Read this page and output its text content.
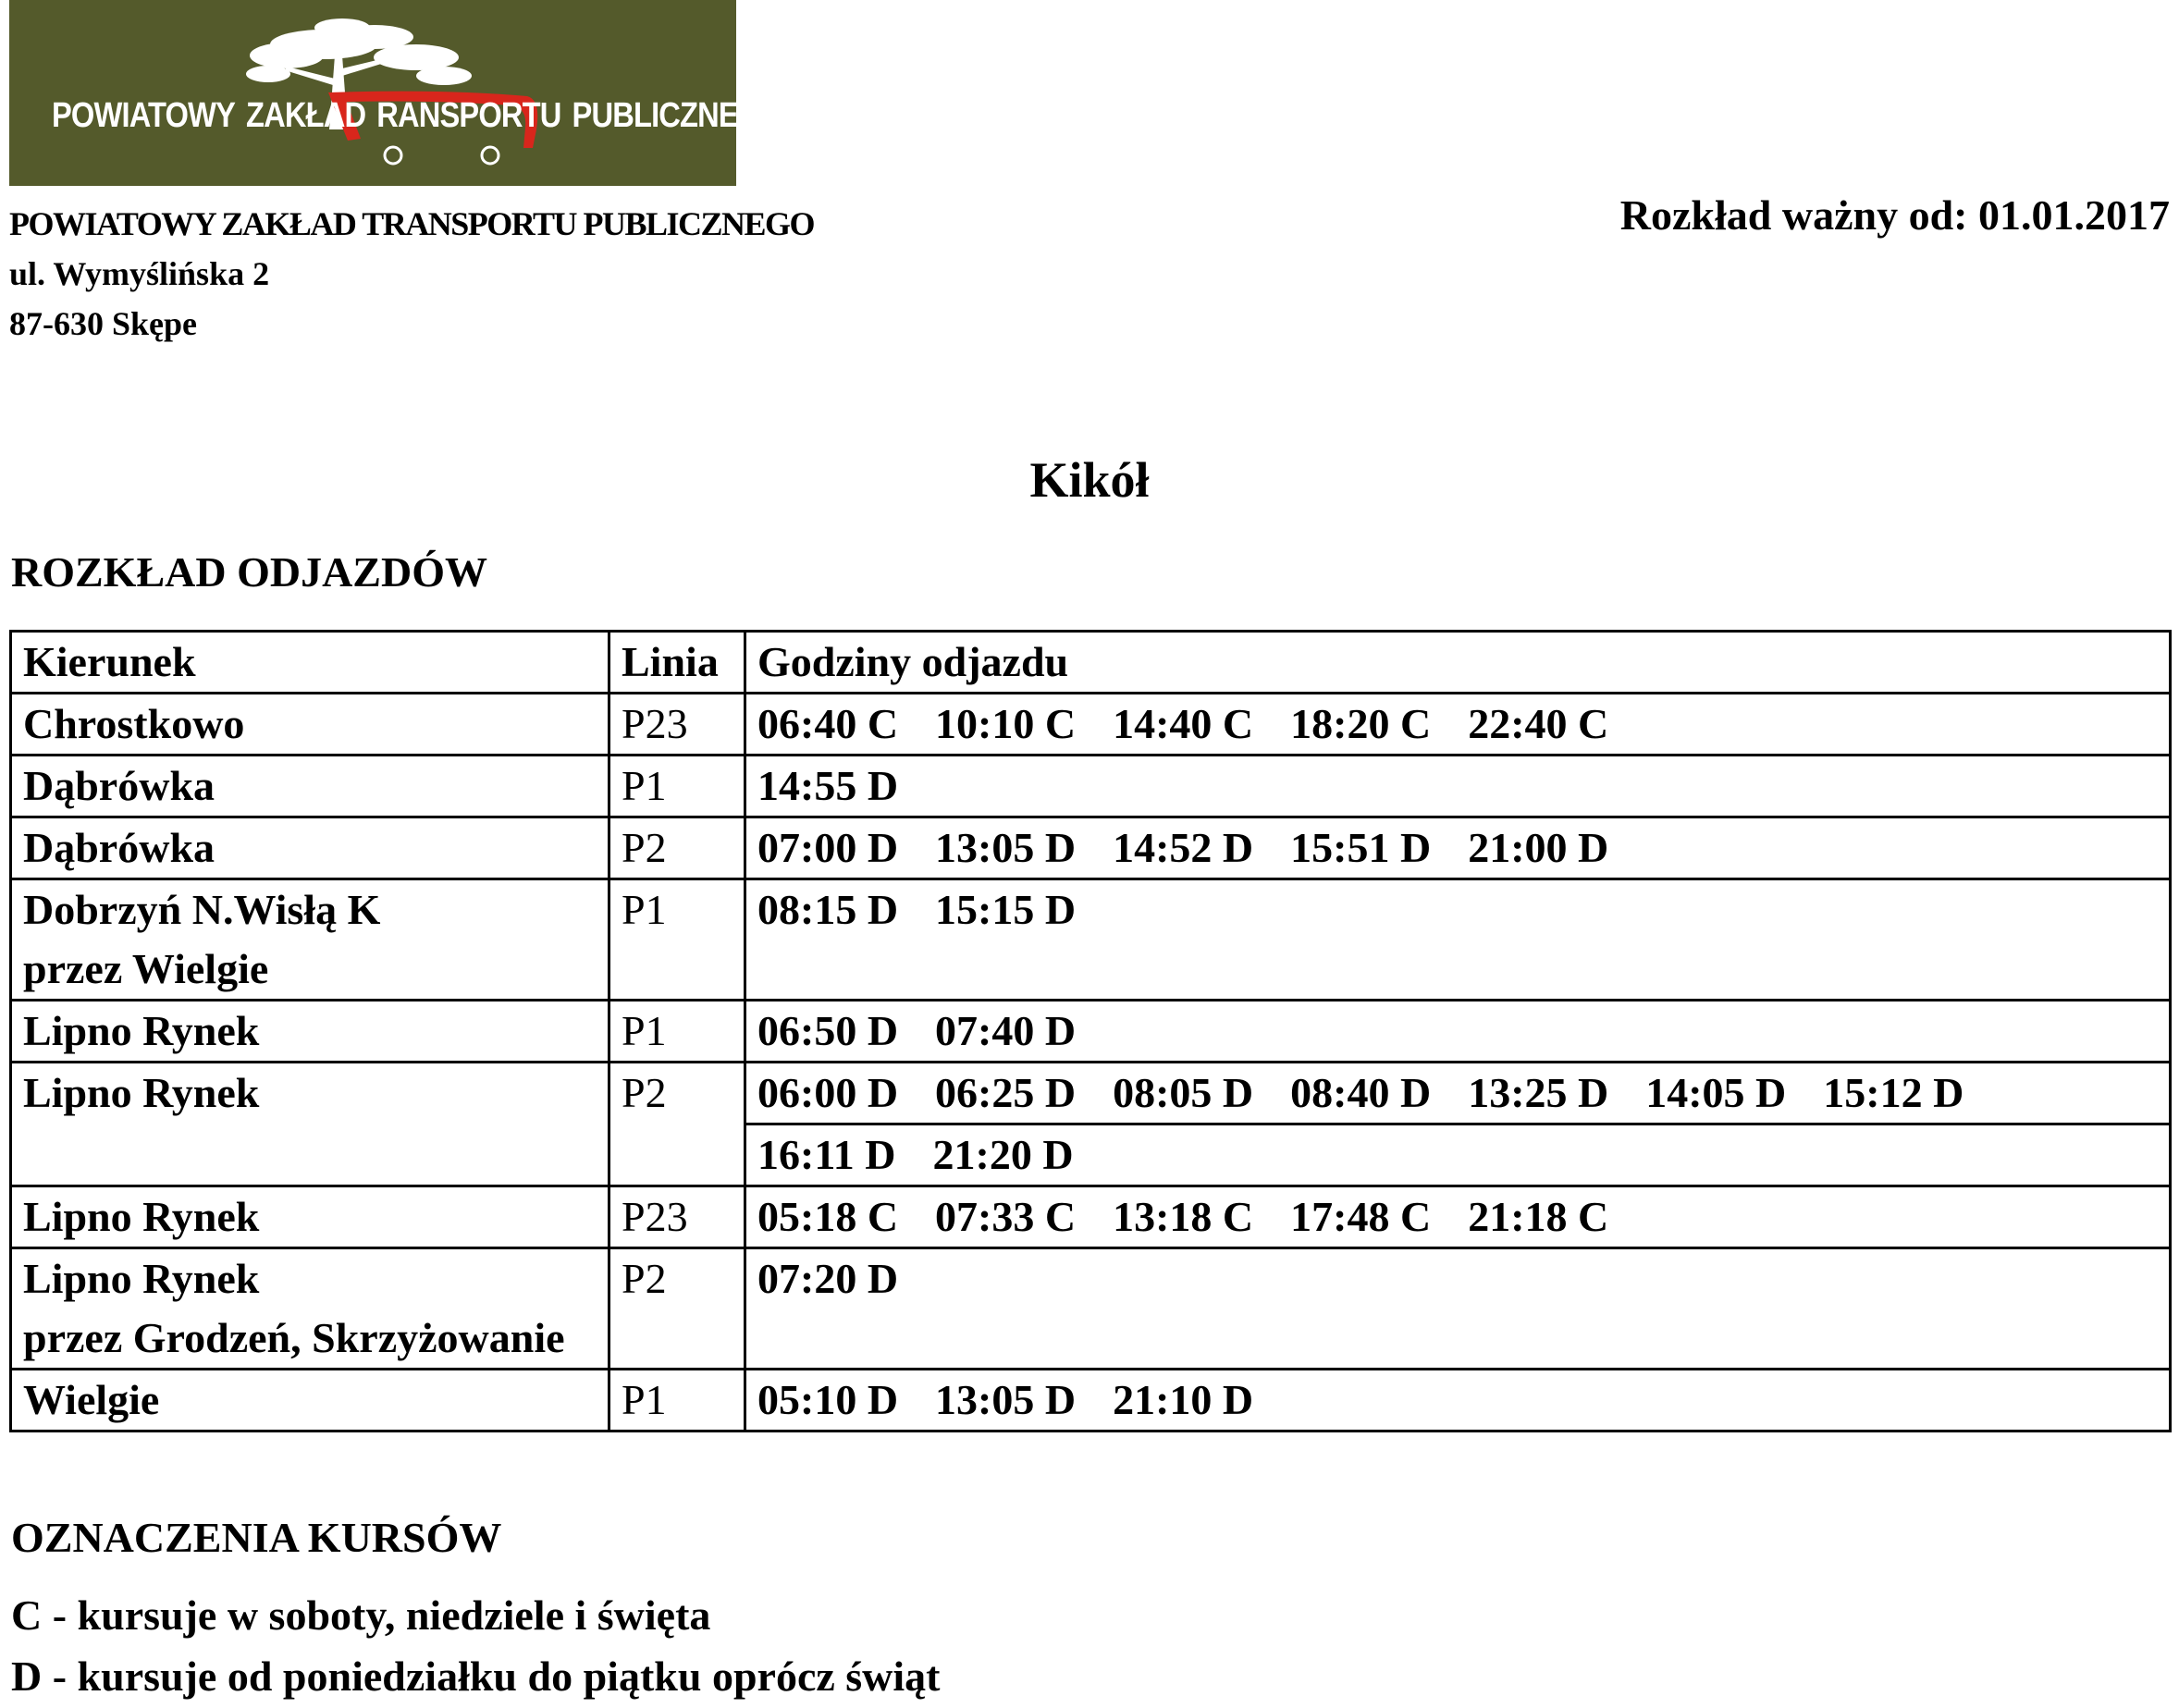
POWIATOWY ZAKŁAD RANSPORTU PUBLICZNEGO
POWIATOWY ZAKŁAD TRANSPORTU PUBLICZNEGO
ul. Wymyślińska 2
87-630 Skępe
Rozkład ważny od: 01.01.2017
Kikół
ROZKŁAD ODJAZDÓW
Kierunek	Linia	Godziny odjazdu

Chrostkowo	P23	06:40 C 10:10 C 14:40 C 18:20 C 22:40 C

Dąbrówka	P1	14:55 D

Dąbrówka	P2	07:00 D 13:05 D 14:52 D 15:51 D 21:00 D

Dobrzyń N.Wisłą K
przez Wielgie	P1	08:15 D 15:15 D

Lipno Rynek	P1	06:50 D 07:40 D

Lipno Rynek	P2	06:00 D 06:25 D 08:05 D 08:40 D 13:25 D 14:05 D 15:12 D
		16:11 D 21:20 D

Lipno Rynek	P23	05:18 C 07:33 C 13:18 C 17:48 C 21:18 C

Lipno Rynek
przez Grodzeń, Skrzyżowanie	P2	07:20 D

Wielgie	P1	05:10 D 13:05 D 21:10 D
OZNACZENIA KURSÓW
C - kursuje w soboty, niedziele i święta
D - kursuje od poniedziałku do piątku oprócz świąt
